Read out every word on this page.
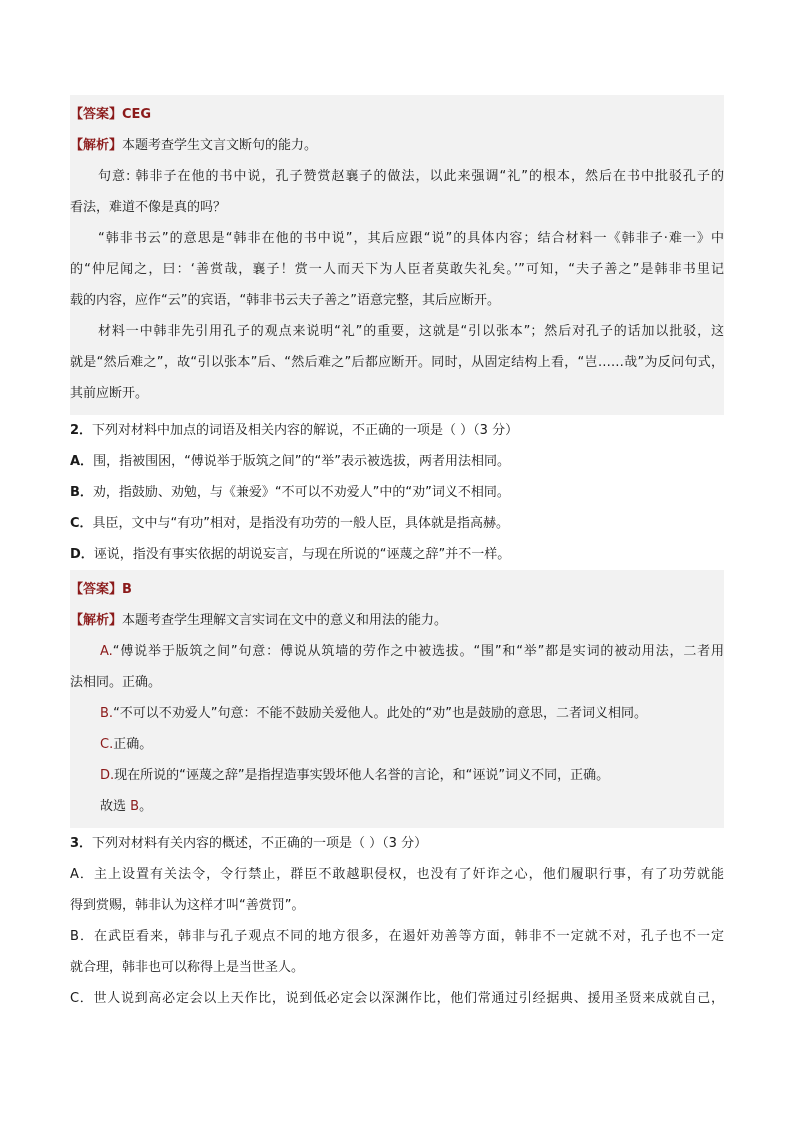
【答案】CEG

【解析】本题考查学生文言文断句的能力。

句意: 韩非子在他的书中说，孔子赞赏赵襄子的做法，以此来强调“礼”的根本，然后在书中批驳孔子的

看法，难道不像是真的吗？

“韩非书云”的意思是“韩非在他的书中说”，其后应跟“说”的具体内容；结合材料一《韩非子·难一》中

的“仲尼闻之，曰：‘善赏哉，襄子！赏一人而天下为人臣者莫敢失礼矣。’”可知，“夫子善之”是韩非书里记

载的内容，应作“云”的宾语，“韩非书云夫子善之”语意完整，其后应断开。

材料一中韩非先引用孔子的观点来说明“礼”的重要，这就是“引以张本”；然后对孔子的话加以批驳，这

就是“然后难之”，故“引以张本”后、“然后难之”后都应断开。同时，从固定结构上看，“岂……哉”为反问句式，

其前应断开。

2．下列对材料中加点的词语及相关内容的解说，不正确的一项是（ ）（3 分）

A．围，指被围困，“傅说举于版筑之间”的“举”表示被选拔，两者用法相同。

B．劝，指鼓励、劝勉，与《兼爱》“不可以不劝爱人”中的“劝”词义不相同。

C．具臣，文中与“有功”相对，是指没有功劳的一般人臣，具体就是指高赫。

D．诬说，指没有事实依据的胡说妄言，与现在所说的“诬蔑之辞”并不一样。

【答案】B

【解析】本题考查学生理解文言实词在文中的意义和用法的能力。

A.“傅说举于版筑之间”句意：傅说从筑墙的劳作之中被选拔。“围”和“举”都是实词的被动用法，二者用

法相同。正确。

B.“不可以不劝爱人”句意：不能不鼓励关爱他人。此处的“劝”也是鼓励的意思，二者词义相同。

C.正确。

D.现在所说的“诬蔑之辞”是指捏造事实毁坏他人名誉的言论，和“诬说”词义不同，正确。

故选 B。

3．下列对材料有关内容的概述，不正确的一项是（ ）（3 分）

A．主上设置有关法令，令行禁止，群臣不敢越职侵权，也没有了奸诈之心，他们履职行事，有了功劳就能

得到赏赐，韩非认为这样才叫“善赏罚”。

B．在武臣看来，韩非与孔子观点不同的地方很多，在遏奸劝善等方面，韩非不一定就不对，孔子也不一定

就合理，韩非也可以称得上是当世圣人。

C．世人说到高必定会以上天作比，说到低必定会以深渊作比，他们常通过引经据典、援用圣贤来成就自己，
